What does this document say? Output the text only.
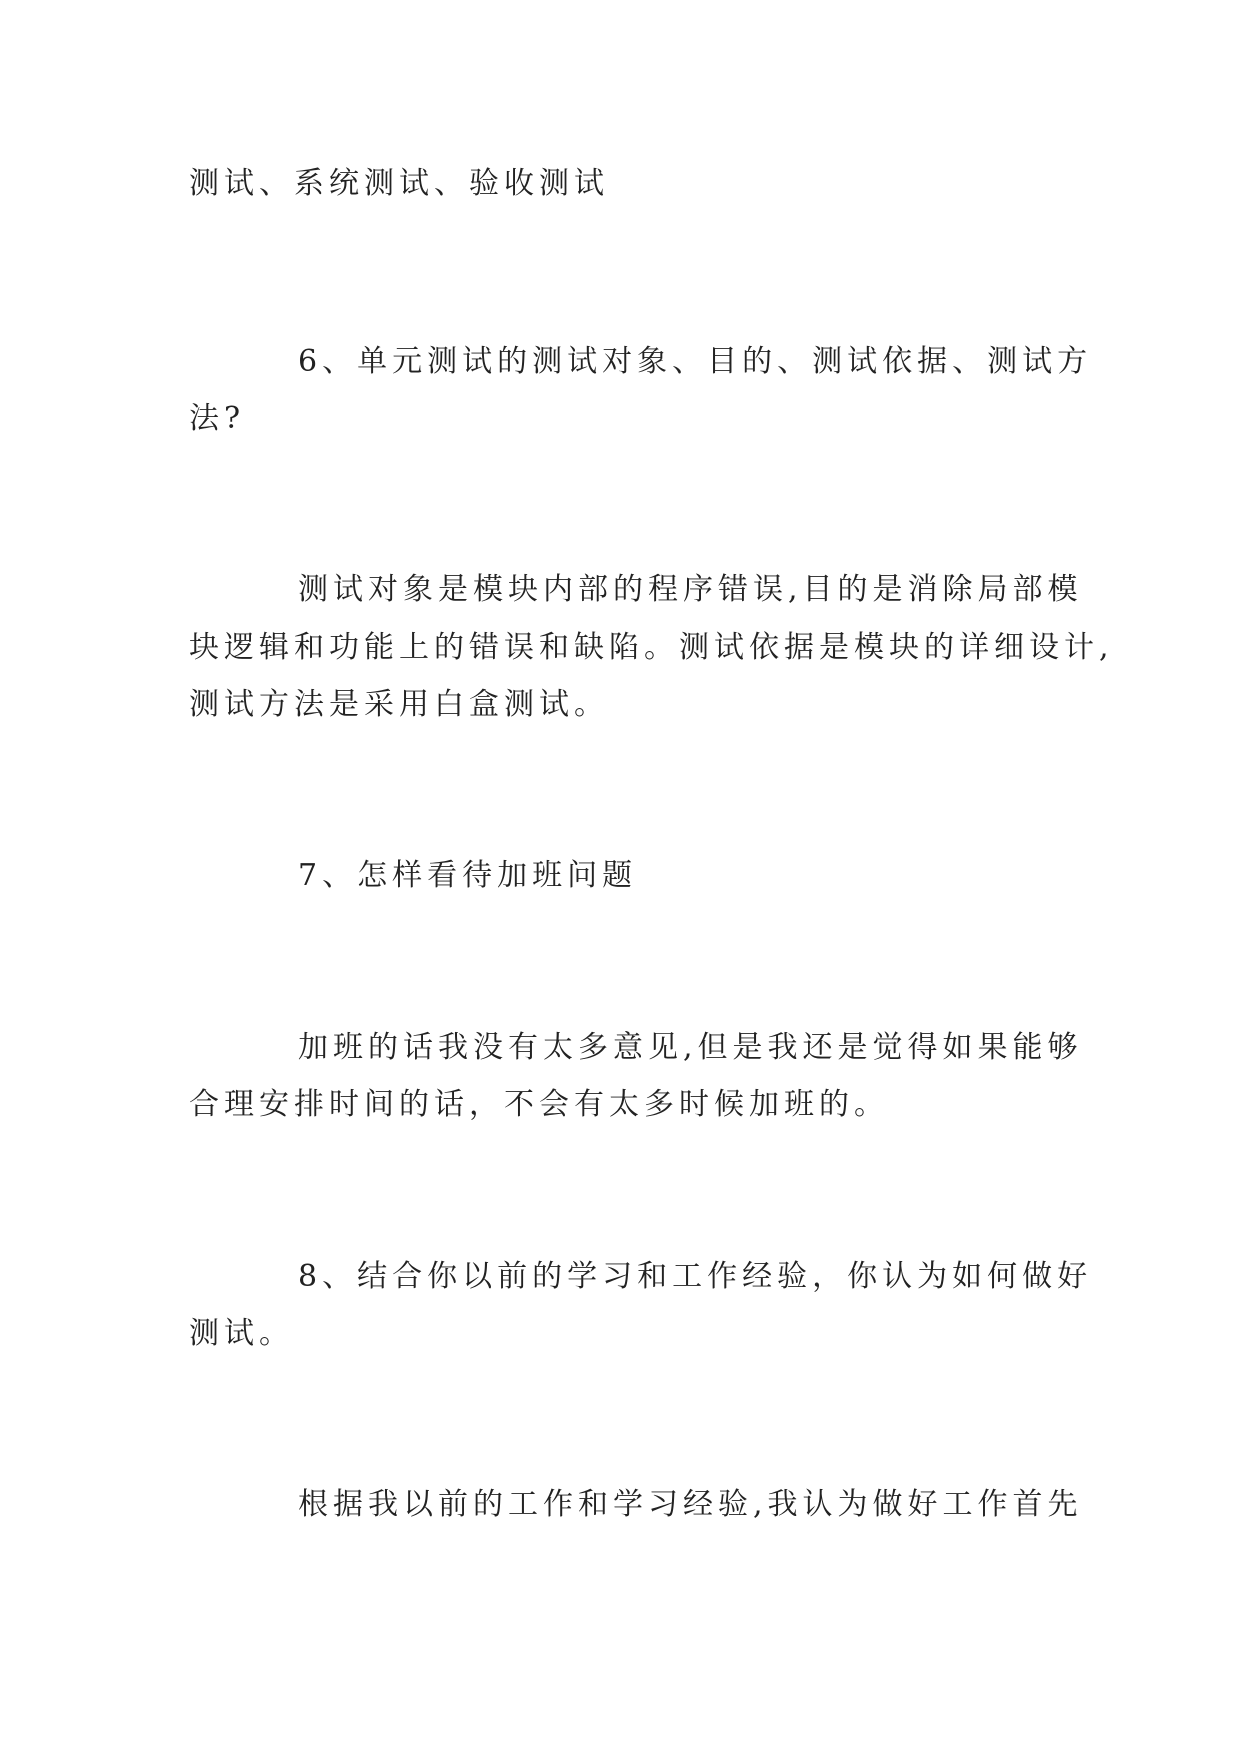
测试、系统测试、验收测试
6、单元测试的测试对象、目的、测试依据、测试方
法?
测试对象是模块内部的程序错误,目的是消除局部模
块逻辑和功能上的错误和缺陷。测试依据是模块的详细设计,
测试方法是采用白盒测试。
7、怎样看待加班问题
加班的话我没有太多意见,但是我还是觉得如果能够
合理安排时间的话，不会有太多时候加班的。
8、结合你以前的学习和工作经验，你认为如何做好
测试。
根据我以前的工作和学习经验,我认为做好工作首先
